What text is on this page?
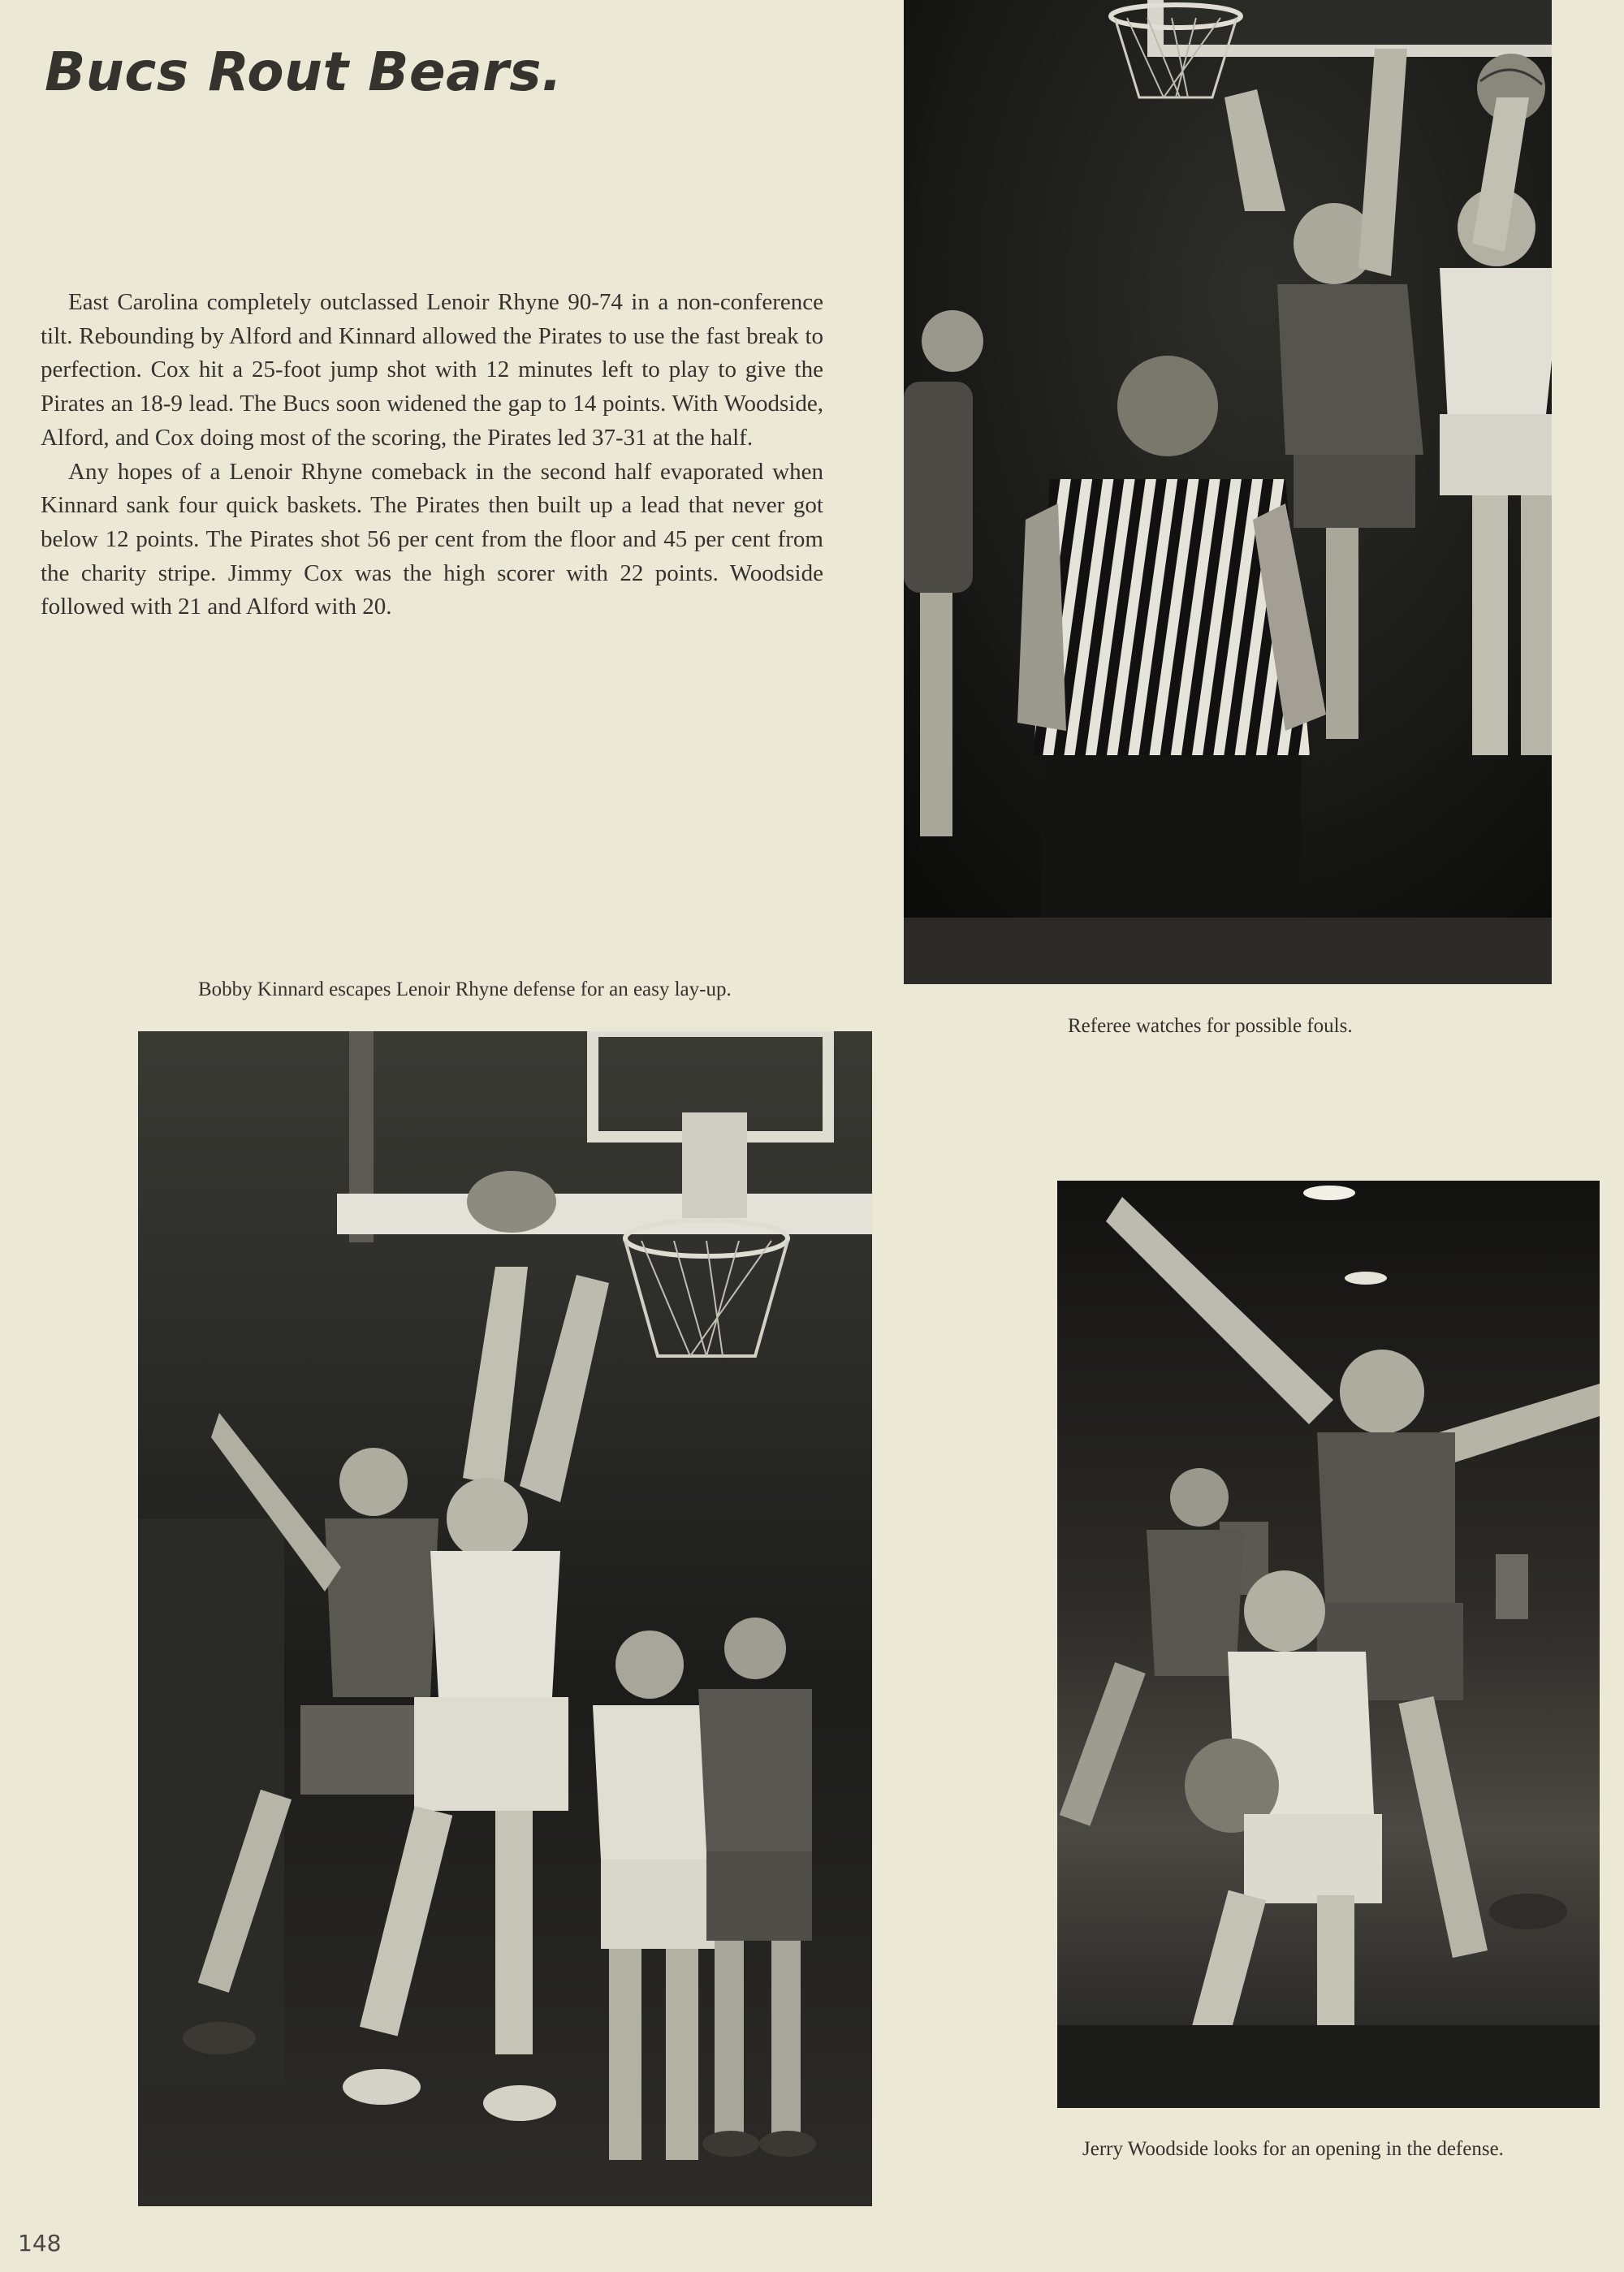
Bucs Rout Bears.

East Carolina completely outclassed Lenoir Rhyne 90-74 in a non-conference tilt. Rebounding by Alford and Kinnard allowed the Pirates to use the fast break to perfection. Cox hit a 25-foot jump shot with 12 minutes left to play to give the Pirates an 18-9 lead. The Bucs soon widened the gap to 14 points. With Woodside, Alford, and Cox doing most of the scoring, the Pirates led 37-31 at the half.

Any hopes of a Lenoir Rhyne comeback in the second half evaporated when Kinnard sank four quick baskets. The Pirates then built up a lead that never got below 12 points. The Pirates shot 56 per cent from the floor and 45 per cent from the charity stripe. Jimmy Cox was the high scorer with 22 points. Woodside followed with 21 and Alford with 20.

Bobby Kinnard escapes Lenoir Rhyne defense for an easy lay-up.
Referee watches for possible fouls.
Jerry Woodside looks for an opening in the defense.
148
